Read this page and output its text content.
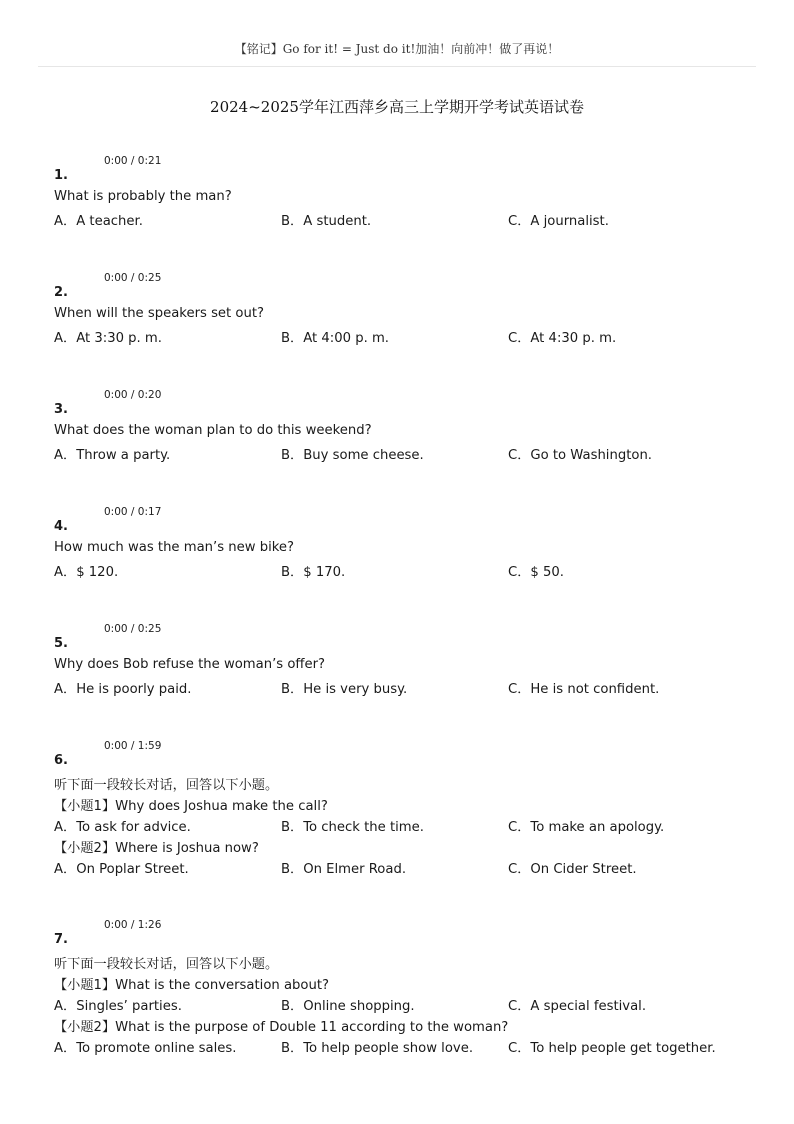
【铭记】Go for it! = Just do it!加油！向前冲！做了再说！
2024~2025学年江西萍乡高三上学期开学考试英语试卷
0:00 / 0:21
1.
What is probably the man?
A．A teacher.	B．A student.	C．A journalist.
0:00 / 0:25
2.
When will the speakers set out?
A．At 3:30 p. m.	B．At 4:00 p. m.	C．At 4:30 p. m.
0:00 / 0:20
3.
What does the woman plan to do this weekend?
A．Throw a party.	B．Buy some cheese.	C．Go to Washington.
0:00 / 0:17
4.
How much was the man’s new bike?
A．$ 120.	B．$ 170.	C．$ 50.
0:00 / 0:25
5.
Why does Bob refuse the woman’s offer?
A．He is poorly paid.	B．He is very busy.	C．He is not confident.
0:00 / 1:59
6.
听下面一段较长对话，回答以下小题。
【小题1】Why does Joshua make the call?
A．To ask for advice.	B．To check the time.	C．To make an apology.
【小题2】Where is Joshua now?
A．On Poplar Street.	B．On Elmer Road.	C．On Cider Street.
0:00 / 1:26
7.
听下面一段较长对话，回答以下小题。
【小题1】What is the conversation about?
A．Singles’ parties.	B．Online shopping.	C．A special festival.
【小题2】What is the purpose of Double 11 according to the woman?
A．To promote online sales.	B．To help people show love.	C．To help people get together.
